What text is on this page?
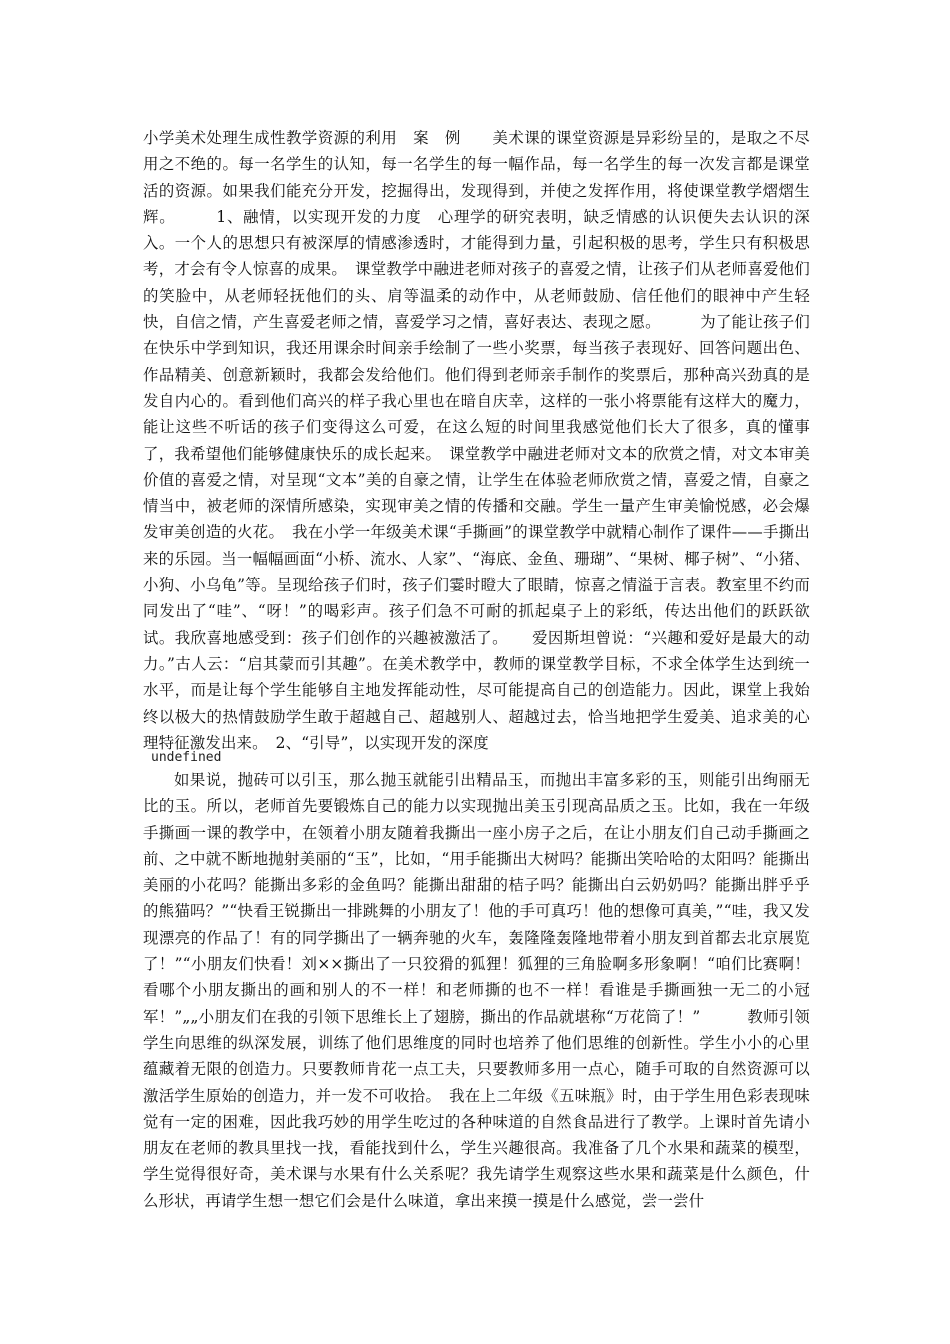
小学美术处理生成性教学资源的利用　案　例　　美术课的课堂资源是异彩纷呈的，是取之不尽用之不绝的。每一名学生的认知，每一名学生的每一幅作品，每一名学生的每一次发言都是课堂活的资源。如果我们能充分开发，挖掘得出，发现得到，并使之发挥作用，将使课堂教学熠熠生辉。　　　1、融情，以实现开发的力度　心理学的研究表明，缺乏情感的认识便失去认识的深入。一个人的思想只有被深厚的情感渗透时，才能得到力量，引起积极的思考，学生只有积极思考，才会有令人惊喜的成果。　课堂教学中融进老师对孩子的喜爱之情，让孩子们从老师喜爱他们的笑脸中，从老师轻抚他们的头、肩等温柔的动作中，从老师鼓励、信任他们的眼神中产生轻快，自信之情，产生喜爱老师之情，喜爱学习之情，喜好表达、表现之愿。　　　为了能让孩子们在快乐中学到知识，我还用课余时间亲手绘制了一些小奖票，每当孩子表现好、回答问题出色、作品精美、创意新颖时，我都会发给他们。他们得到老师亲手制作的奖票后，那种高兴劲真的是发自内心的。看到他们高兴的样子我心里也在暗自庆幸，这样的一张小将票能有这样大的魔力，能让这些不听话的孩子们变得这么可爱，在这么短的时间里我感觉他们长大了很多，真的懂事了，我希望他们能够健康快乐的成长起来。　课堂教学中融进老师对文本的欣赏之情，对文本审美价值的喜爱之情，对呈现“文本”美的自豪之情，让学生在体验老师欣赏之情，喜爱之情，自豪之情当中，被老师的深情所感染，实现审美之情的传播和交融。学生一量产生审美愉悦感，必会爆发审美创造的火花。　我在小学一年级美术课“手撕画”的课堂教学中就精心制作了课件——手撕出来的乐园。当一幅幅画面“小桥、流水、人家”、“海底、金鱼、珊瑚”、“果树、椰子树”、“小猪、小狗、小乌龟”等。呈现给孩子们时，孩子们霎时瞪大了眼睛，惊喜之情溢于言表。教室里不约而同发出了“哇”、“呀！”的喝彩声。孩子们急不可耐的抓起桌子上的彩纸，传达出他们的跃跃欲试。我欣喜地感受到：孩子们创作的兴趣被激活了。　　爱因斯坦曾说：“兴趣和爱好是最大的动力。”古人云：“启其蒙而引其趣”。在美术教学中，教师的课堂教学目标，不求全体学生达到统一水平，而是让每个学生能够自主地发挥能动性，尽可能提高自己的创造能力。因此，课堂上我始终以极大的热情鼓励学生敢于超越自己、超越别人、超越过去，恰当地把学生爱美、追求美的心理特征激发出来。　2、“引导”，以实现开发的深度

undefined

如果说，抛砖可以引玉，那么抛玉就能引出精品玉，而抛出丰富多彩的玉，则能引出绚丽无比的玉。所以，老师首先要锻炼自己的能力以实现抛出美玉引现高品质之玉。比如，我在一年级手撕画一课的教学中，在领着小朋友随着我撕出一座小房子之后，在让小朋友们自己动手撕画之前、之中就不断地抛射美丽的“玉”，比如，“用手能撕出大树吗？能撕出笑哈哈的太阳吗？能撕出美丽的小花吗？能撕出多彩的金鱼吗？能撕出甜甜的桔子吗？能撕出白云奶奶吗？能撕出胖乎乎的熊猫吗？”“快看王锐撕出一排跳舞的小朋友了！他的手可真巧！他的想像可真美，”“哇，我又发现漂亮的作品了！有的同学撕出了一辆奔驰的火车，轰隆隆轰隆地带着小朋友到首都去北京展览了！”“小朋友们快看！刘××撕出了一只狡猾的狐狸！狐狸的三角脸啊多形象啊！“咱们比赛啊！看哪个小朋友撕出的画和别人的不一样！和老师撕的也不一样！看谁是手撕画独一无二的小冠军！”„„小朋友们在我的引领下思维长上了翅膀，撕出的作品就堪称“万花筒了！”　　　教师引领学生向思维的纵深发展，训练了他们思维度的同时也培养了他们思维的创新性。学生小小的心里蕴藏着无限的创造力。只要教师肯花一点工夫，只要教师多用一点心，随手可取的自然资源可以激活学生原始的创造力，并一发不可收拾。　我在上二年级《五味瓶》时，由于学生用色彩表现味觉有一定的困难，因此我巧妙的用学生吃过的各种味道的自然食品进行了教学。上课时首先请小朋友在老师的教具里找一找，看能找到什么，学生兴趣很高。我准备了几个水果和蔬菜的模型，学生觉得很好奇，美术课与水果有什么关系呢？我先请学生观察这些水果和蔬菜是什么颜色，什么形状，再请学生想一想它们会是什么味道，拿出来摸一摸是什么感觉，尝一尝什
